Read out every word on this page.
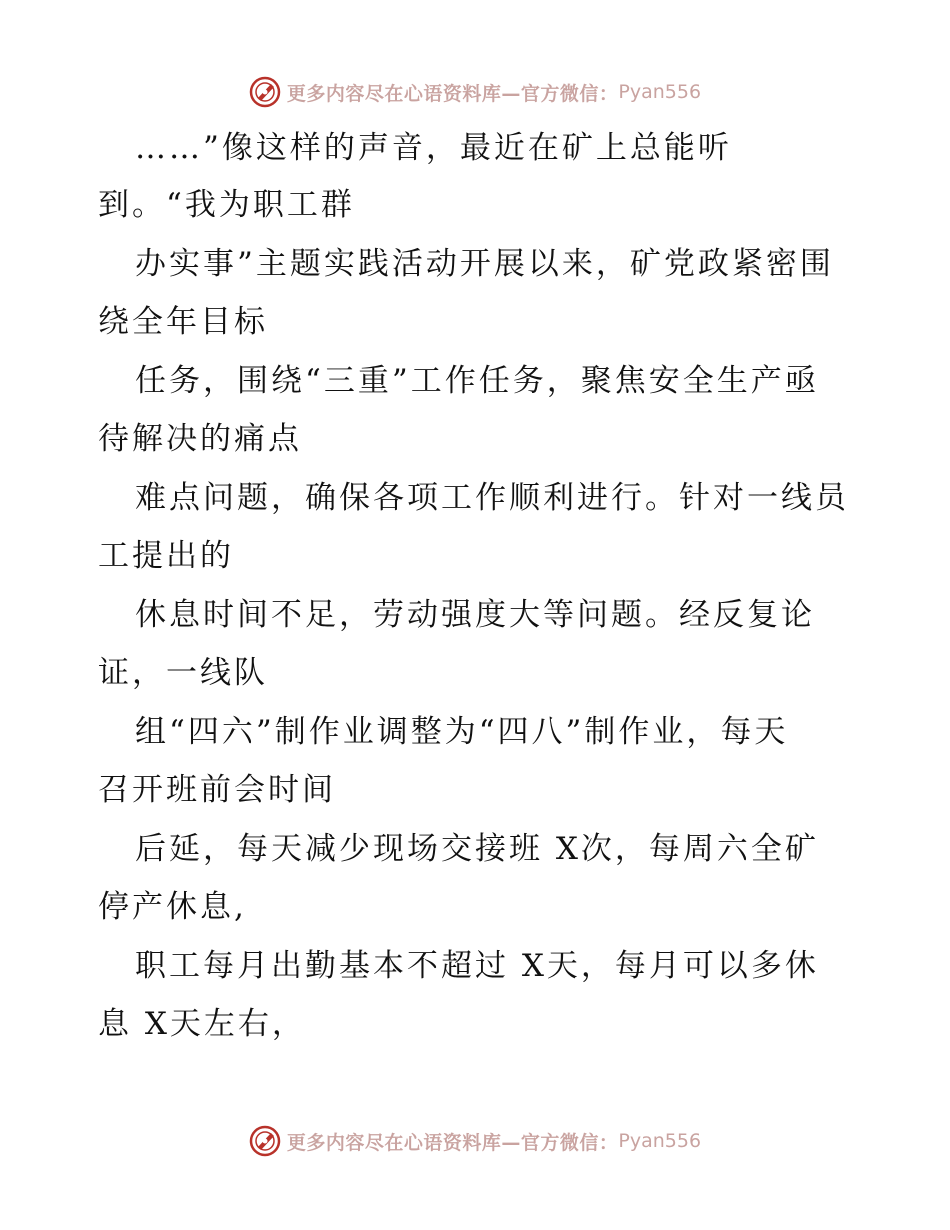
更多内容尽在心语资料库—官方微信： Pyan556
……”像这样的声音，最近在矿上总能听
到。“我为职工群
办实事”主题实践活动开展以来，矿党政紧密围
绕全年目标
任务，围绕“三重”工作任务，聚焦安全生产亟
待解决的痛点
难点问题，确保各项工作顺利进行。针对一线员
工提出的
休息时间不足，劳动强度大等问题。经反复论
证，一线队
组“四六”制作业调整为“四八”制作业，每天
召开班前会时间
后延，每天减少现场交接班 X次，每周六全矿
停产休息,
职工每月出勤基本不超过 X天，每月可以多休
息 X天左右，
更多内容尽在心语资料库—官方微信： Pyan556
